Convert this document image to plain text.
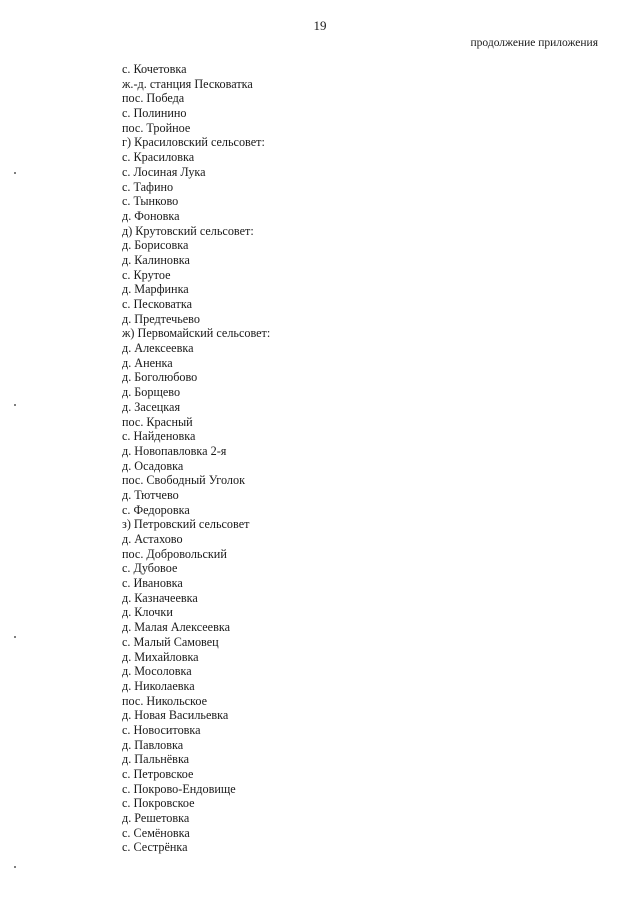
19
продолжение приложения
с. Кочетовка
ж.-д. станция Песковатка
пос. Победа
с. Полинино
пос. Тройное
г) Красиловский сельсовет:
с. Красиловка
с. Лосиная Лука
с. Тафино
с. Тынково
д. Фоновка
д) Крутовский сельсовет:
д. Борисовка
д. Калиновка
с. Крутое
д. Марфинка
с. Песковатка
д. Предтечьево
ж) Первомайский сельсовет:
д. Алексеевка
д. Аненка
д. Боголюбово
д. Борщево
д. Засецкая
пос. Красный
с. Найденовка
д. Новопавловка 2-я
д. Осадовка
пос. Свободный Уголок
д. Тютчево
с. Федоровка
з) Петровский сельсовет
д. Астахово
пос. Добровольский
с. Дубовое
с. Ивановка
д. Казначеевка
д. Клочки
д. Малая Алексеевка
с. Малый Самовец
д. Михайловка
д. Мосоловка
д. Николаевка
пос. Никольское
д. Новая Васильевка
с. Новоситовка
д. Павловка
д. Пальнёвка
с. Петровское
с. Покрово-Ендовище
с. Покровское
д. Решетовка
с. Семёновка
с. Сестрёнка
